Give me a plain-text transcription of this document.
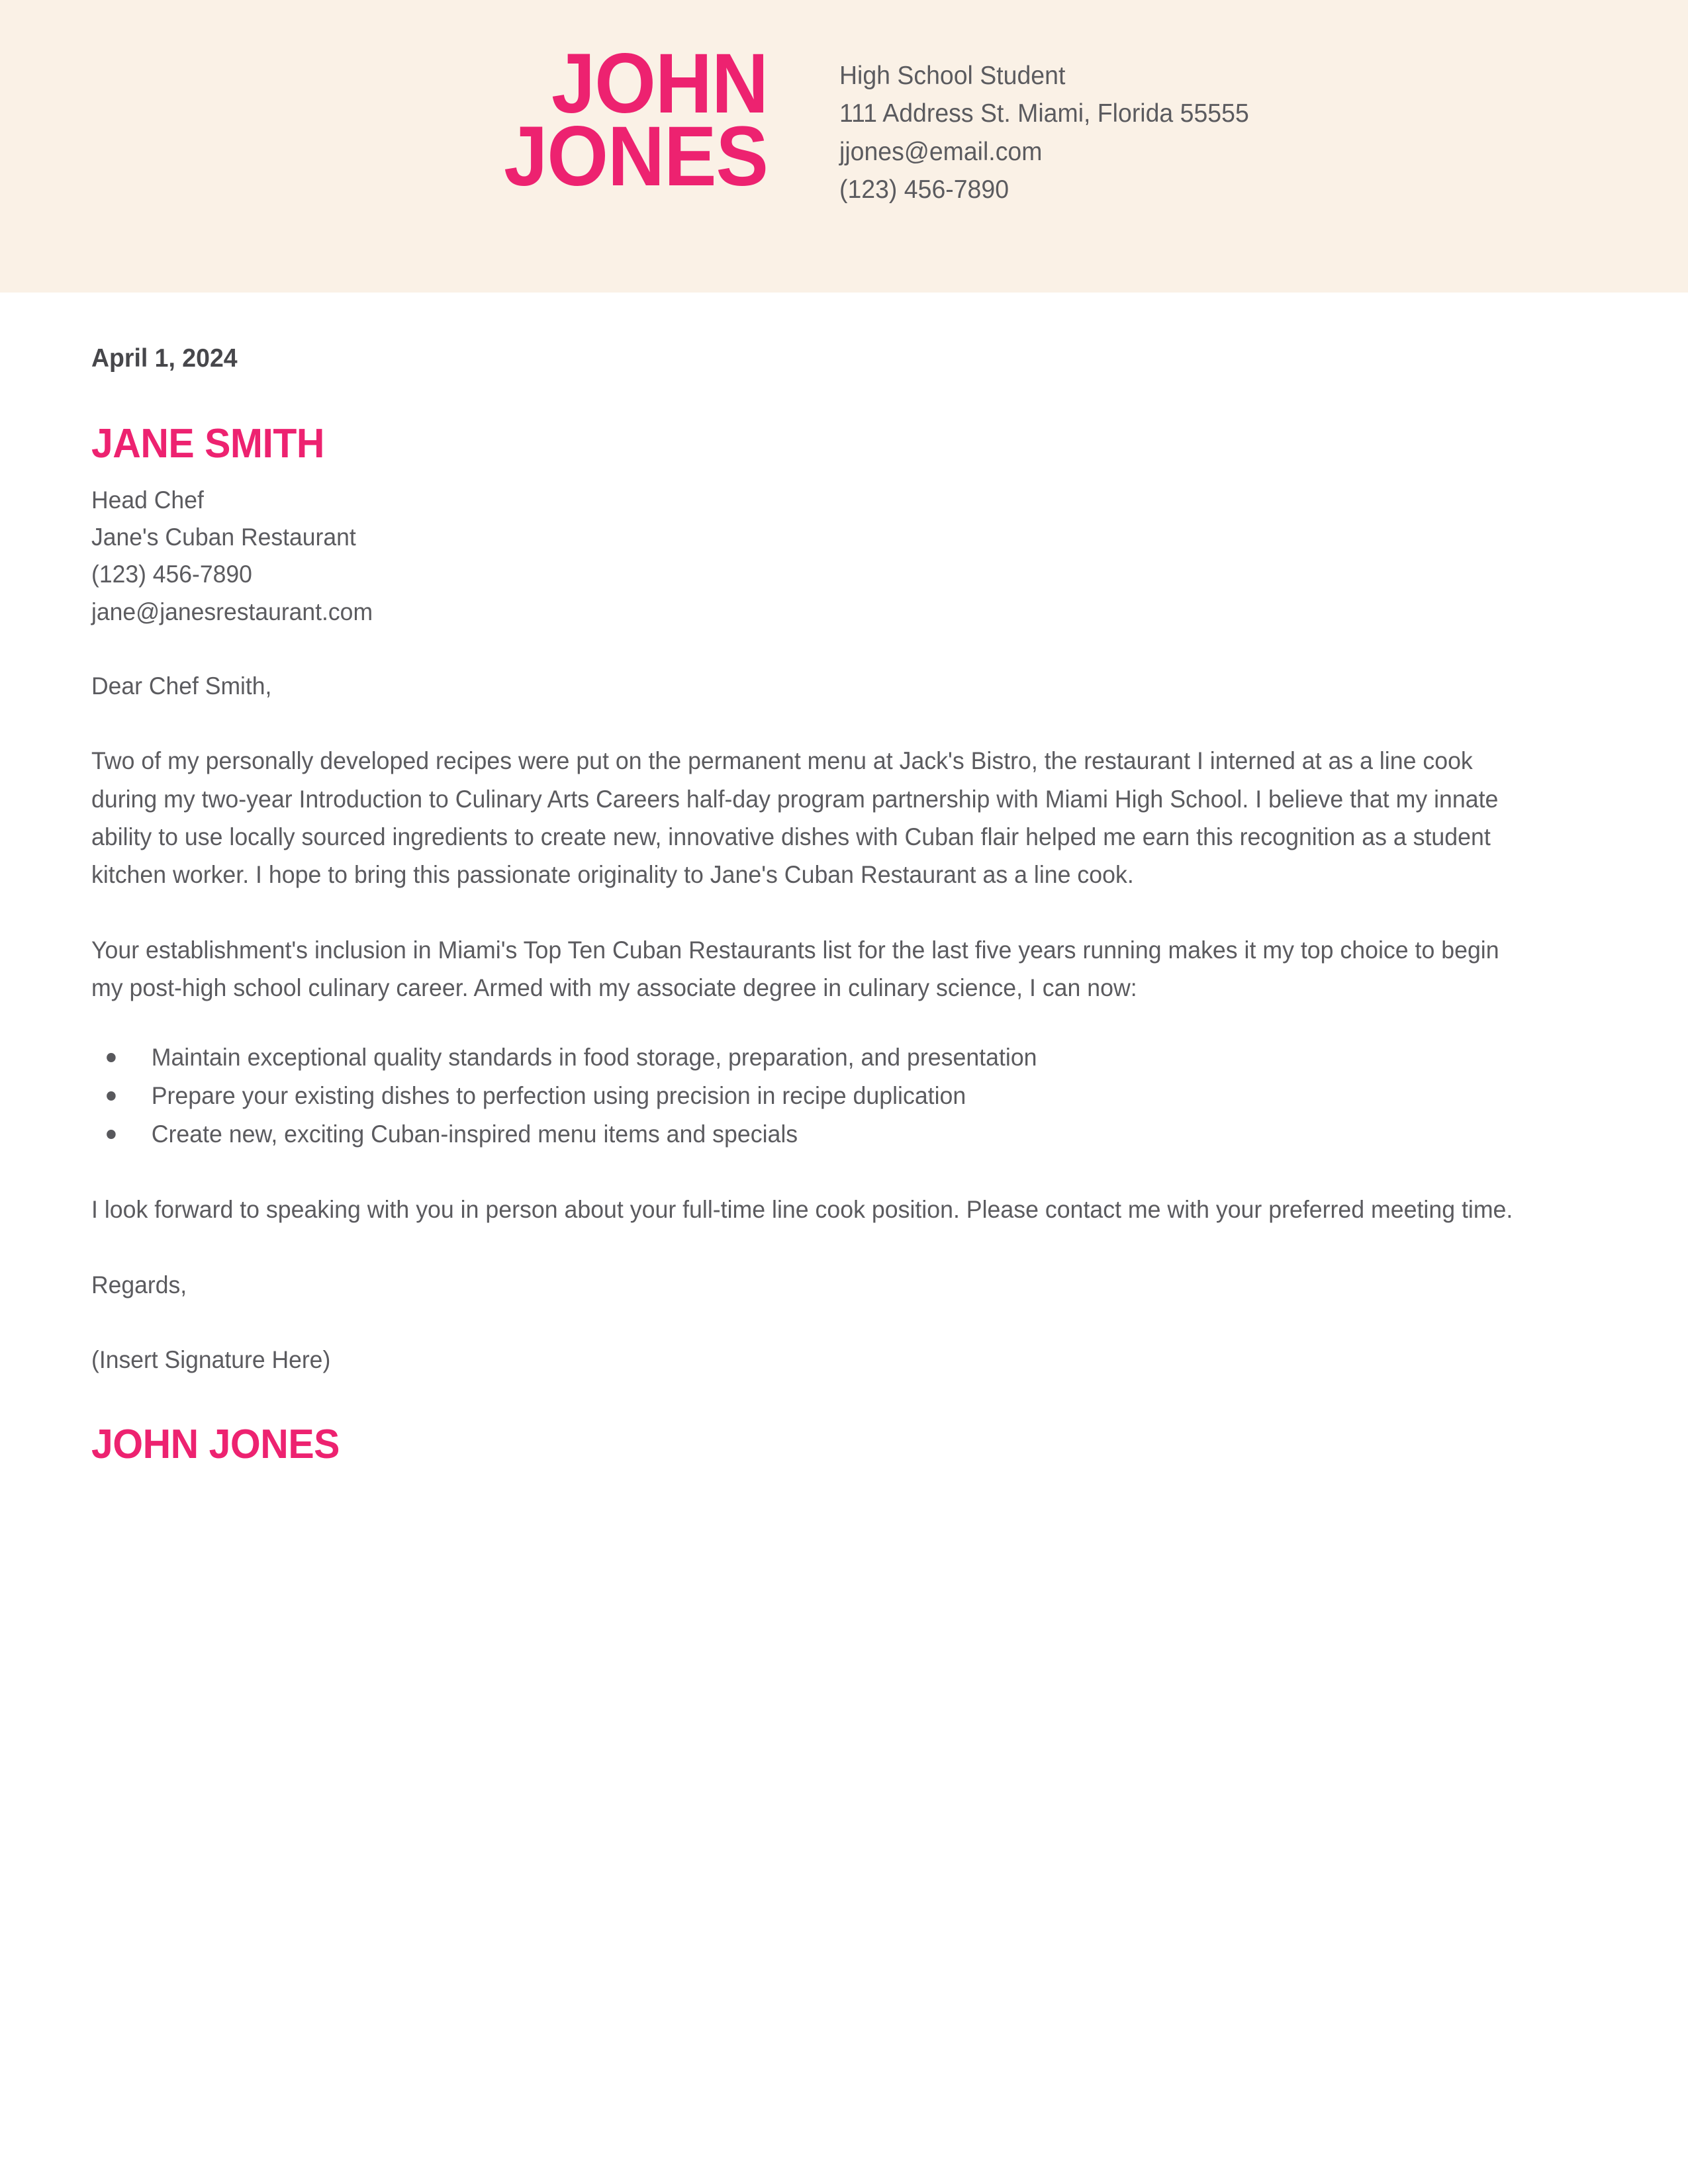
JOHN
JONES
High School Student
111 Address St. Miami, Florida 55555
jjones@email.com
(123) 456-7890
April 1, 2024
JANE SMITH
Head Chef
Jane's Cuban Restaurant
(123) 456-7890
jane@janesrestaurant.com

Dear Chef Smith,

Two of my personally developed recipes were put on the permanent menu at Jack's Bistro, the restaurant I interned at as a line cook during my two-year Introduction to Culinary Arts Careers half-day program partnership with Miami High School. I believe that my innate ability to use locally sourced ingredients to create new, innovative dishes with Cuban flair helped me earn this recognition as a student kitchen worker. I hope to bring this passionate originality to Jane's Cuban Restaurant as a line cook.

Your establishment's inclusion in Miami's Top Ten Cuban Restaurants list for the last five years running makes it my top choice to begin my post-high school culinary career. Armed with my associate degree in culinary science, I can now:

Maintain exceptional quality standards in food storage, preparation, and presentation
Prepare your existing dishes to perfection using precision in recipe duplication
Create new, exciting Cuban-inspired menu items and specials

I look forward to speaking with you in person about your full-time line cook position. Please contact me with your preferred meeting time.

Regards,

(Insert Signature Here)

JOHN JONES
